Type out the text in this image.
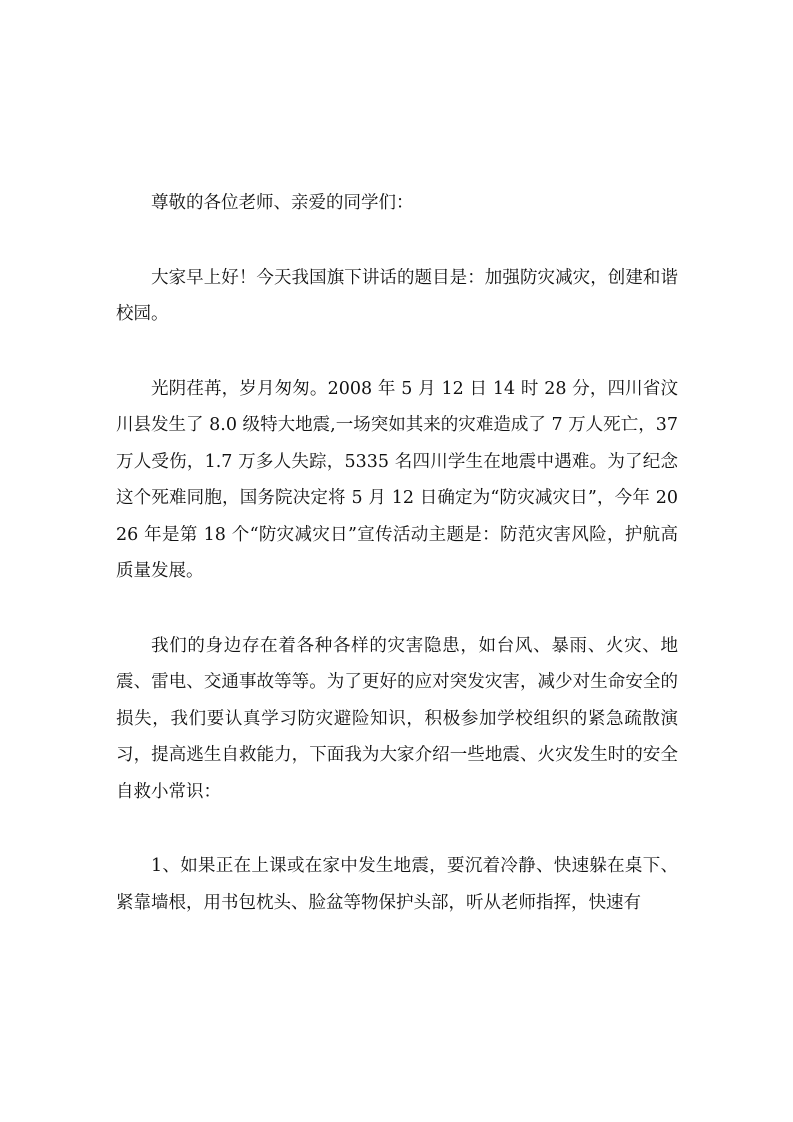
尊敬的各位老师、亲爱的同学们：

大家早上好！今天我国旗下讲话的题目是：加强防灾减灾，创建和谐校园。

光阴荏苒，岁月匆匆。2008 年 5 月 12 日 14 时 28 分，四川省汶川县发生了 8.0 级特大地震,一场突如其来的灾难造成了 7 万人死亡，37 万人受伤，1.7 万多人失踪，5335 名四川学生在地震中遇难。为了纪念这个死难同胞，国务院决定将 5 月 12 日确定为“防灾减灾日”，今年 2026 年是第 18 个“防灾减灾日”宣传活动主题是：防范灾害风险，护航高质量发展。

我们的身边存在着各种各样的灾害隐患，如台风、暴雨、火灾、地震、雷电、交通事故等等。为了更好的应对突发灾害，减少对生命安全的损失，我们要认真学习防灾避险知识，积极参加学校组织的紧急疏散演习，提高逃生自救能力，下面我为大家介绍一些地震、火灾发生时的安全自救小常识：

1、如果正在上课或在家中发生地震，要沉着冷静、快速躲在桌下、紧靠墙根，用书包枕头、脸盆等物保护头部，听从老师指挥，快速有
